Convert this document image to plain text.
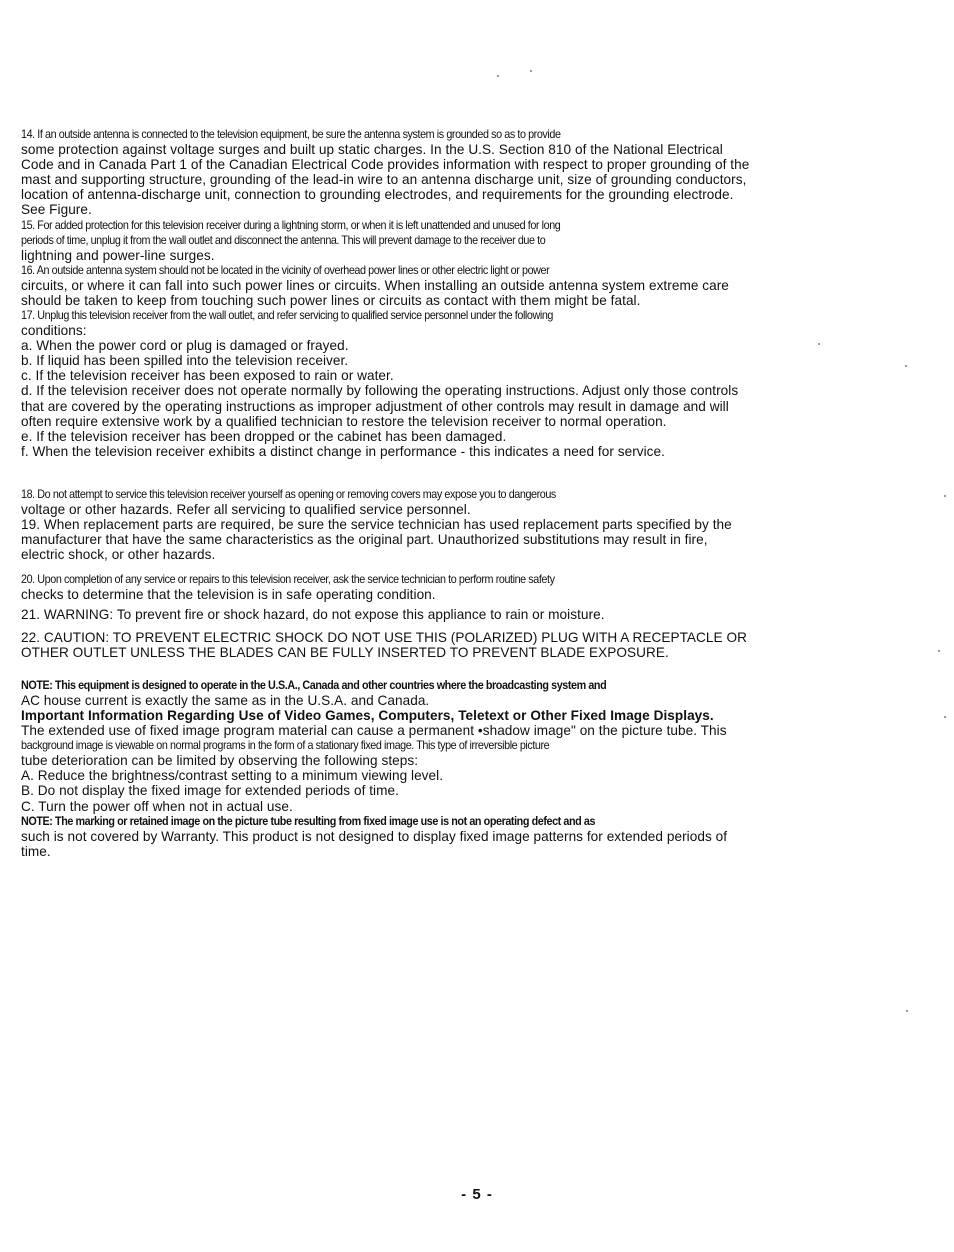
14. If an outside antenna is connected to the television equipment, be sure the antenna system is grounded so as to provide
some protection against voltage surges and built up static charges. In the U.S. Section 810 of the National Electrical
Code and in Canada Part 1 of the Canadian Electrical Code provides information with respect to proper grounding of the
mast and supporting structure, grounding of the lead-in wire to an antenna discharge unit, size of grounding conductors,
location of antenna-discharge unit, connection to grounding electrodes, and requirements for the grounding electrode.
See Figure.
15. For added protection for this television receiver during a lightning storm, or when it is left unattended and unused for long
periods of time, unplug it from the wall outlet and disconnect the antenna. This will prevent damage to the receiver due to
lightning and power-line surges.
16. An outside antenna system should not be located in the vicinity of overhead power lines or other electric light or power
circuits, or where it can fall into such power lines or circuits. When installing an outside antenna system extreme care
should be taken to keep from touching such power lines or circuits as contact with them might be fatal.
17. Unplug this television receiver from the wall outlet, and refer servicing to qualified service personnel under the following
conditions:
a. When the power cord or plug is damaged or frayed.
b. If liquid has been spilled into the television receiver.
c. If the television receiver has been exposed to rain or water.
d. If the television receiver does not operate normally by following the operating instructions. Adjust only those controls
that are covered by the operating instructions as improper adjustment of other controls may result in damage and will
often require extensive work by a qualified technician to restore the television receiver to normal operation.
e. If the television receiver has been dropped or the cabinet has been damaged.
f. When the television receiver exhibits a distinct change in performance - this indicates a need for service.
18. Do not attempt to service this television receiver yourself as opening or removing covers may expose you to dangerous
voltage or other hazards. Refer all servicing to qualified service personnel.
19. When replacement parts are required, be sure the service technician has used replacement parts specified by the
manufacturer that have the same characteristics as the original part. Unauthorized substitutions may result in fire,
electric shock, or other hazards.
20. Upon completion of any service or repairs to this television receiver, ask the service technician to perform routine safety
checks to determine that the television is in safe operating condition.
21. WARNING: To prevent fire or shock hazard, do not expose this appliance to rain or moisture.
22. CAUTION: TO PREVENT ELECTRIC SHOCK DO NOT USE THIS (POLARIZED) PLUG WITH A RECEPTACLE OR
OTHER OUTLET UNLESS THE BLADES CAN BE FULLY INSERTED TO PREVENT BLADE EXPOSURE.
NOTE: This equipment is designed to operate in the U.S.A., Canada and other countries where the broadcasting system and
AC house current is exactly the same as in the U.S.A. and Canada.
Important Information Regarding Use of Video Games, Computers, Teletext or Other Fixed Image Displays.
The extended use of fixed image program material can cause a permanent •shadow image" on the picture tube. This
background image is viewable on normal programs in the form of a stationary fixed image. This type of irreversible picture
tube deterioration can be limited by observing the following steps:
A. Reduce the brightness/contrast setting to a minimum viewing level.
B. Do not display the fixed image for extended periods of time.
C. Turn the power off when not in actual use.
NOTE: The marking or retained image on the picture tube resulting from fixed image use is not an operating defect and as
such is not covered by Warranty. This product is not designed to display fixed image patterns for extended periods of
time.
- 5 -
